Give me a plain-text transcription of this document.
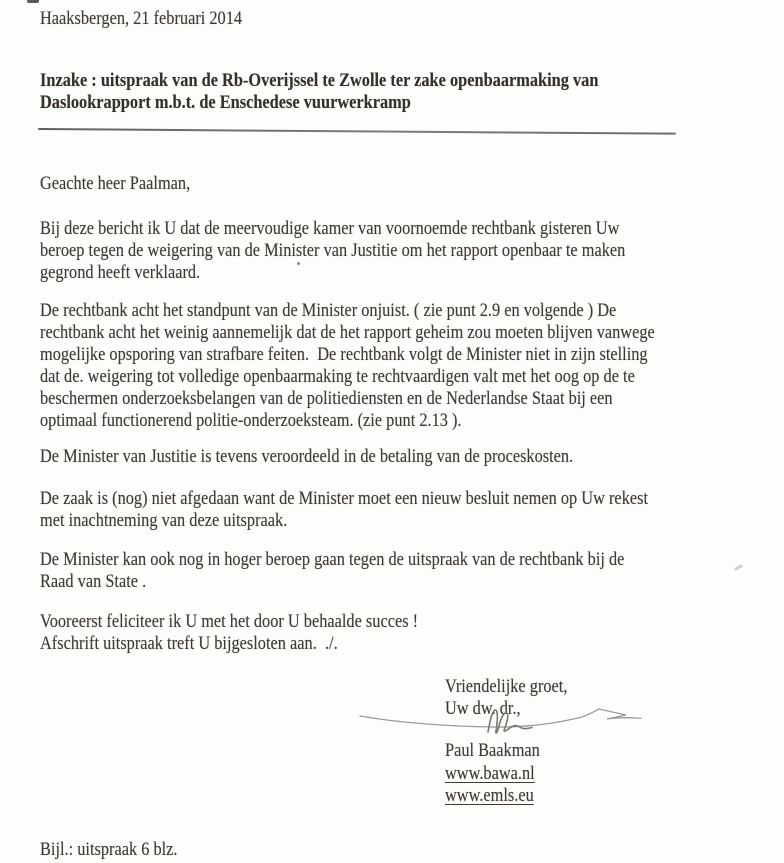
Haaksbergen, 21 februari 2014
Inzake : uitspraak van de Rb-Overijssel te Zwolle ter zake openbaarmaking van
Daslookrapport m.b.t. de Enschedese vuurwerkramp
Geachte heer Paalman,
Bij deze bericht ik U dat de meervoudige kamer van voornoemde rechtbank gisteren Uw
beroep tegen de weigering van de Minister van Justitie om het rapport openbaar te maken
gegrond heeft verklaard.
De rechtbank acht het standpunt van de Minister onjuist. ( zie punt 2.9 en volgende ) De
rechtbank acht het weinig aannemelijk dat de het rapport geheim zou moeten blijven vanwege
mogelijke opsporing van strafbare feiten.  De rechtbank volgt de Minister niet in zijn stelling
dat de. weigering tot volledige openbaarmaking te rechtvaardigen valt met het oog op de te
beschermen onderzoeksbelangen van de politiediensten en de Nederlandse Staat bij een
optimaal functionerend politie-onderzoeksteam. (zie punt 2.13 ).
De Minister van Justitie is tevens veroordeeld in de betaling van de proceskosten.
De zaak is (nog) niet afgedaan want de Minister moet een nieuw besluit nemen op Uw rekest
met inachtneming van deze uitspraak.
De Minister kan ook nog in hoger beroep gaan tegen de uitspraak van de rechtbank bij de
Raad van State .
Vooreerst feliciteer ik U met het door U behaalde succes !
Afschrift uitspraak treft U bijgesloten aan.  ./.
Vriendelijke groet,
Uw dw. dr.,
Paul Baakman
www.bawa.nl
www.emls.eu
Bijl.: uitspraak 6 blz.
